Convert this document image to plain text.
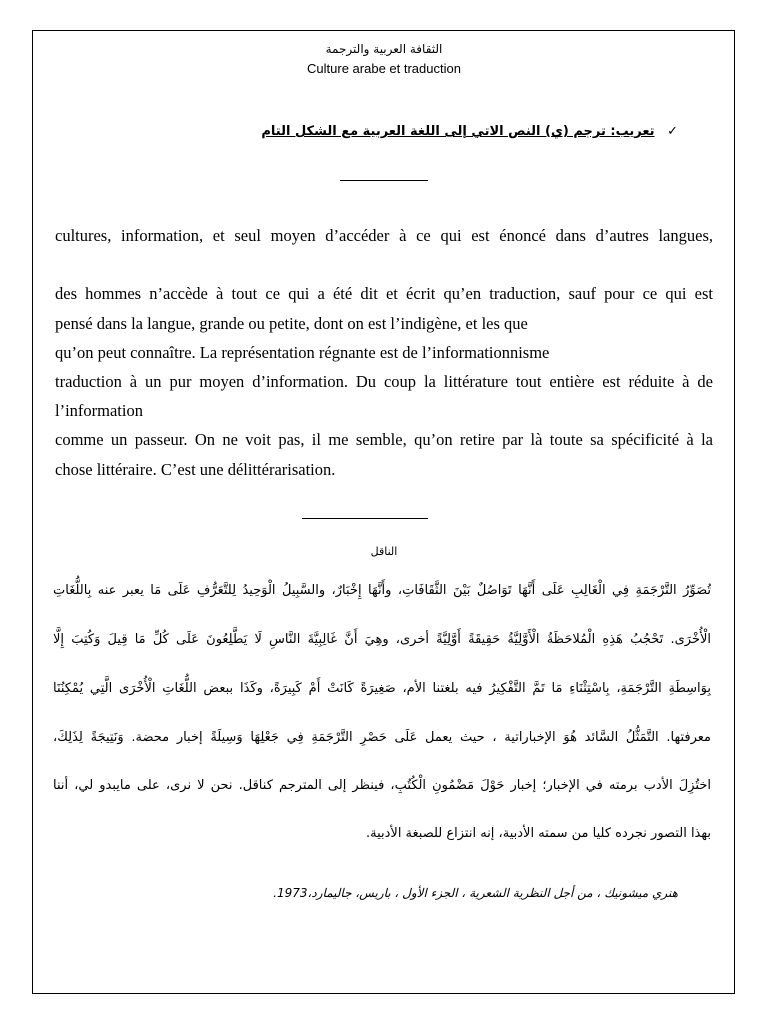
الثقافة العربية والترجمة
Culture arabe et traduction
✓ تعريب: ترجم (ي) النص الاتي إلى اللغة العربية مع الشكل التام
cultures, information, et seul moyen d’accéder à ce qui est énoncé dans d’autres langues,
des hommes n’accède à tout ce qui a été dit et écrit qu’en traduction, sauf pour ce qui est
pensé dans la langue, grande ou petite, dont on est l’indigène, et les que
qu’on peut connaître. La représentation régnante est de l’informationnisme
traduction à un pur moyen d’information. Du coup la littérature tout entière est réduite à de
l’information
comme un passeur. On ne voit pas, il me semble, qu’on retire par là toute sa spécificité à la
chose littéraire. C’est une délittérarisation.
الناقل
تُصَوِّرُ التَّرْجَمَةِ فِي الْغَالِبِ عَلَى أَنَّهَا تَوَاصُلٌ بَيْنَ الثَّقَافَاتِ، وأَنَّهَا إِخْبَارٌ، والسَّبِيلُ الْوَحِيدُ لِلتَّعَرُّفِ عَلَى مَا يعبر عنه بِاللُّغَاتِ
الْأُخْرَى. تَحْجُبُ هَذِهِ الْمُلاحَظَةُ الْأَوَّلِيَّةُ حَقِيقَةً أَوَّلِيَّةً أخرى، وهِيَ أَنَّ غَالِبِيَّةَ النَّاسِ لَا يَطَّلِعُونَ عَلَى كُلِّ مَا قِيلَ وَكُتِبَ إِلَّا
بِوَاسِطَةِ التَّرْجَمَةِ، بِاسْتِثْنَاءِ مَا تَمَّ التَّفْكِيرُ فيه بلغتنا الأم، صَغِيرَةً كَانَتْ أَمْ كَبِيرَةً، وكَذَا ببعض اللُّغَاتِ الْأُخْرَى الَّتِي يُمْكِنُنَا
معرفتها. التَّمَثُّلُ السَّائد هُوَ الإخباراتية ، حيث يعمل عَلَى حَصْرِ التَّرْجَمَةِ فِي جَعْلِهَا وَسِيلَةً إخبار محضة. وَنَتِيجَةً لِذَلِكَ،
اختُزِلَ الأدب برمته في الإخبار؛ إخبار حَوْلَ مَضْمُونِ الْكُتُبِ، فينظر إلى المترجم كناقل. نحن لا نرى، على مايبدو لي، أننا
بهذا التصور نجرده كليا من سمته الأدبية، إنه انتزاع للصبغة الأدبية.
هنري ميشونيك ، من أجل النظرية الشعرية ، الجزء الأول ، باريس، جاليمارد،1973.
